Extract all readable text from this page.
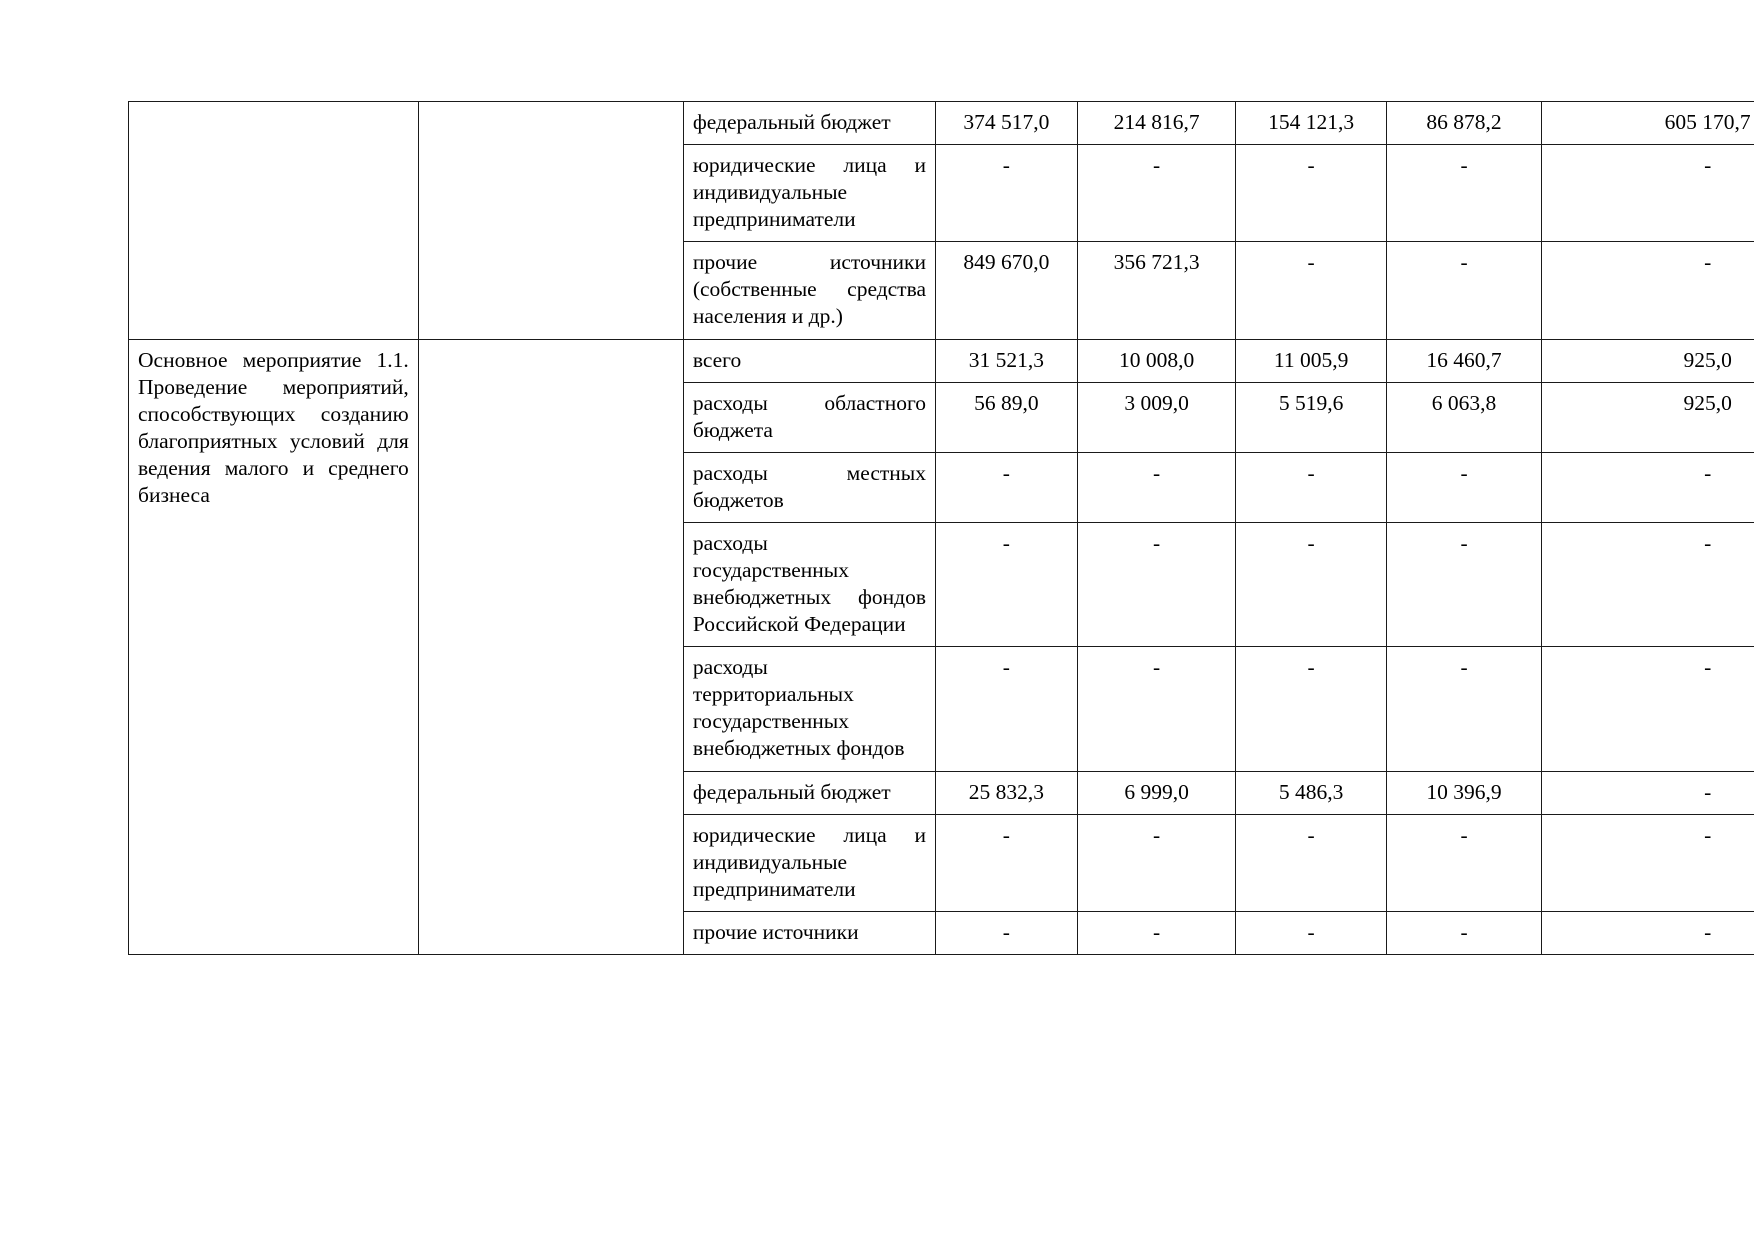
		федеральный бюджет	374 517,0	214 816,7	154 121,3	86 878,2	605 170,7
		юридические лица и индивидуальные предприниматели	-	-	-	-	-
		прочие источники (собственные средства населения и др.)	849 670,0	356 721,3	-	-	-
Основное мероприятие 1.1. Проведение мероприятий, способствующих созданию благоприятных условий для ведения малого и среднего бизнеса		всего	31 521,3	10 008,0	11 005,9	16 460,7	925,0
		расходы областного бюджета	56 89,0	3 009,0	5 519,6	6 063,8	925,0
		расходы местных бюджетов	-	-	-	-	-
		расходы государственных внебюджетных фондов Российской Федерации	-	-	-	-	-
		расходы территориальных государственных внебюджетных фондов	-	-	-	-	-
		федеральный бюджет	25 832,3	6 999,0	5 486,3	10 396,9	-
		юридические лица и индивидуальные предприниматели	-	-	-	-	-
		прочие источники	-	-	-	-	-
